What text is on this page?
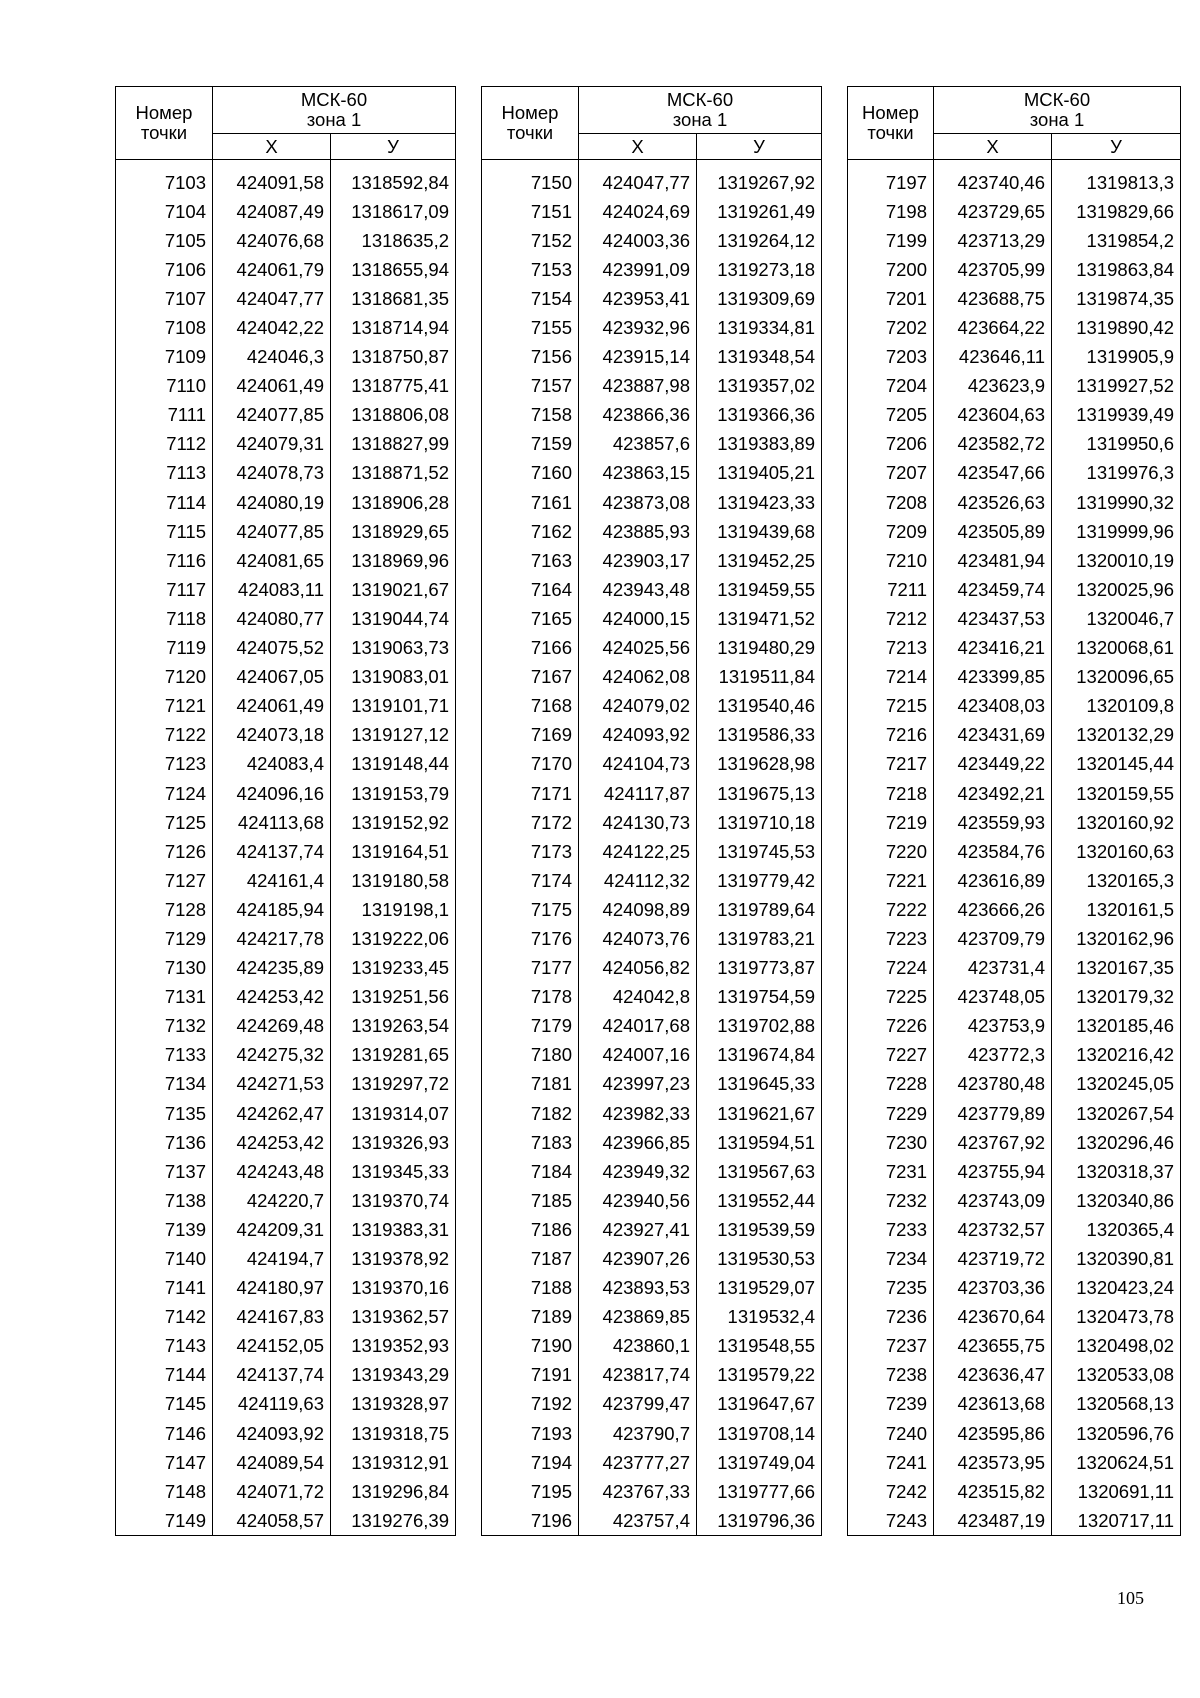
Номер
точки	МСК-60
зона 1	
	X	У
7103	424091,58	1318592,84
7104	424087,49	1318617,09
7105	424076,68	1318635,2
7106	424061,79	1318655,94
7107	424047,77	1318681,35
7108	424042,22	1318714,94
7109	424046,3	1318750,87
7110	424061,49	1318775,41
7111	424077,85	1318806,08
7112	424079,31	1318827,99
7113	424078,73	1318871,52
7114	424080,19	1318906,28
7115	424077,85	1318929,65
7116	424081,65	1318969,96
7117	424083,11	1319021,67
7118	424080,77	1319044,74
7119	424075,52	1319063,73
7120	424067,05	1319083,01
7121	424061,49	1319101,71
7122	424073,18	1319127,12
7123	424083,4	1319148,44
7124	424096,16	1319153,79
7125	424113,68	1319152,92
7126	424137,74	1319164,51
7127	424161,4	1319180,58
7128	424185,94	1319198,1
7129	424217,78	1319222,06
7130	424235,89	1319233,45
7131	424253,42	1319251,56
7132	424269,48	1319263,54
7133	424275,32	1319281,65
7134	424271,53	1319297,72
7135	424262,47	1319314,07
7136	424253,42	1319326,93
7137	424243,48	1319345,33
7138	424220,7	1319370,74
7139	424209,31	1319383,31
7140	424194,7	1319378,92
7141	424180,97	1319370,16
7142	424167,83	1319362,57
7143	424152,05	1319352,93
7144	424137,74	1319343,29
7145	424119,63	1319328,97
7146	424093,92	1319318,75
7147	424089,54	1319312,91
7148	424071,72	1319296,84
7149	424058,57	1319276,39
Номер
точки	МСК-60
зона 1	
	X	У
7150	424047,77	1319267,92
7151	424024,69	1319261,49
7152	424003,36	1319264,12
7153	423991,09	1319273,18
7154	423953,41	1319309,69
7155	423932,96	1319334,81
7156	423915,14	1319348,54
7157	423887,98	1319357,02
7158	423866,36	1319366,36
7159	423857,6	1319383,89
7160	423863,15	1319405,21
7161	423873,08	1319423,33
7162	423885,93	1319439,68
7163	423903,17	1319452,25
7164	423943,48	1319459,55
7165	424000,15	1319471,52
7166	424025,56	1319480,29
7167	424062,08	1319511,84
7168	424079,02	1319540,46
7169	424093,92	1319586,33
7170	424104,73	1319628,98
7171	424117,87	1319675,13
7172	424130,73	1319710,18
7173	424122,25	1319745,53
7174	424112,32	1319779,42
7175	424098,89	1319789,64
7176	424073,76	1319783,21
7177	424056,82	1319773,87
7178	424042,8	1319754,59
7179	424017,68	1319702,88
7180	424007,16	1319674,84
7181	423997,23	1319645,33
7182	423982,33	1319621,67
7183	423966,85	1319594,51
7184	423949,32	1319567,63
7185	423940,56	1319552,44
7186	423927,41	1319539,59
7187	423907,26	1319530,53
7188	423893,53	1319529,07
7189	423869,85	1319532,4
7190	423860,1	1319548,55
7191	423817,74	1319579,22
7192	423799,47	1319647,67
7193	423790,7	1319708,14
7194	423777,27	1319749,04
7195	423767,33	1319777,66
7196	423757,4	1319796,36
Номер
точки	МСК-60
зона 1	
	X	У
7197	423740,46	1319813,3
7198	423729,65	1319829,66
7199	423713,29	1319854,2
7200	423705,99	1319863,84
7201	423688,75	1319874,35
7202	423664,22	1319890,42
7203	423646,11	1319905,9
7204	423623,9	1319927,52
7205	423604,63	1319939,49
7206	423582,72	1319950,6
7207	423547,66	1319976,3
7208	423526,63	1319990,32
7209	423505,89	1319999,96
7210	423481,94	1320010,19
7211	423459,74	1320025,96
7212	423437,53	1320046,7
7213	423416,21	1320068,61
7214	423399,85	1320096,65
7215	423408,03	1320109,8
7216	423431,69	1320132,29
7217	423449,22	1320145,44
7218	423492,21	1320159,55
7219	423559,93	1320160,92
7220	423584,76	1320160,63
7221	423616,89	1320165,3
7222	423666,26	1320161,5
7223	423709,79	1320162,96
7224	423731,4	1320167,35
7225	423748,05	1320179,32
7226	423753,9	1320185,46
7227	423772,3	1320216,42
7228	423780,48	1320245,05
7229	423779,89	1320267,54
7230	423767,92	1320296,46
7231	423755,94	1320318,37
7232	423743,09	1320340,86
7233	423732,57	1320365,4
7234	423719,72	1320390,81
7235	423703,36	1320423,24
7236	423670,64	1320473,78
7237	423655,75	1320498,02
7238	423636,47	1320533,08
7239	423613,68	1320568,13
7240	423595,86	1320596,76
7241	423573,95	1320624,51
7242	423515,82	1320691,11
7243	423487,19	1320717,11
105
